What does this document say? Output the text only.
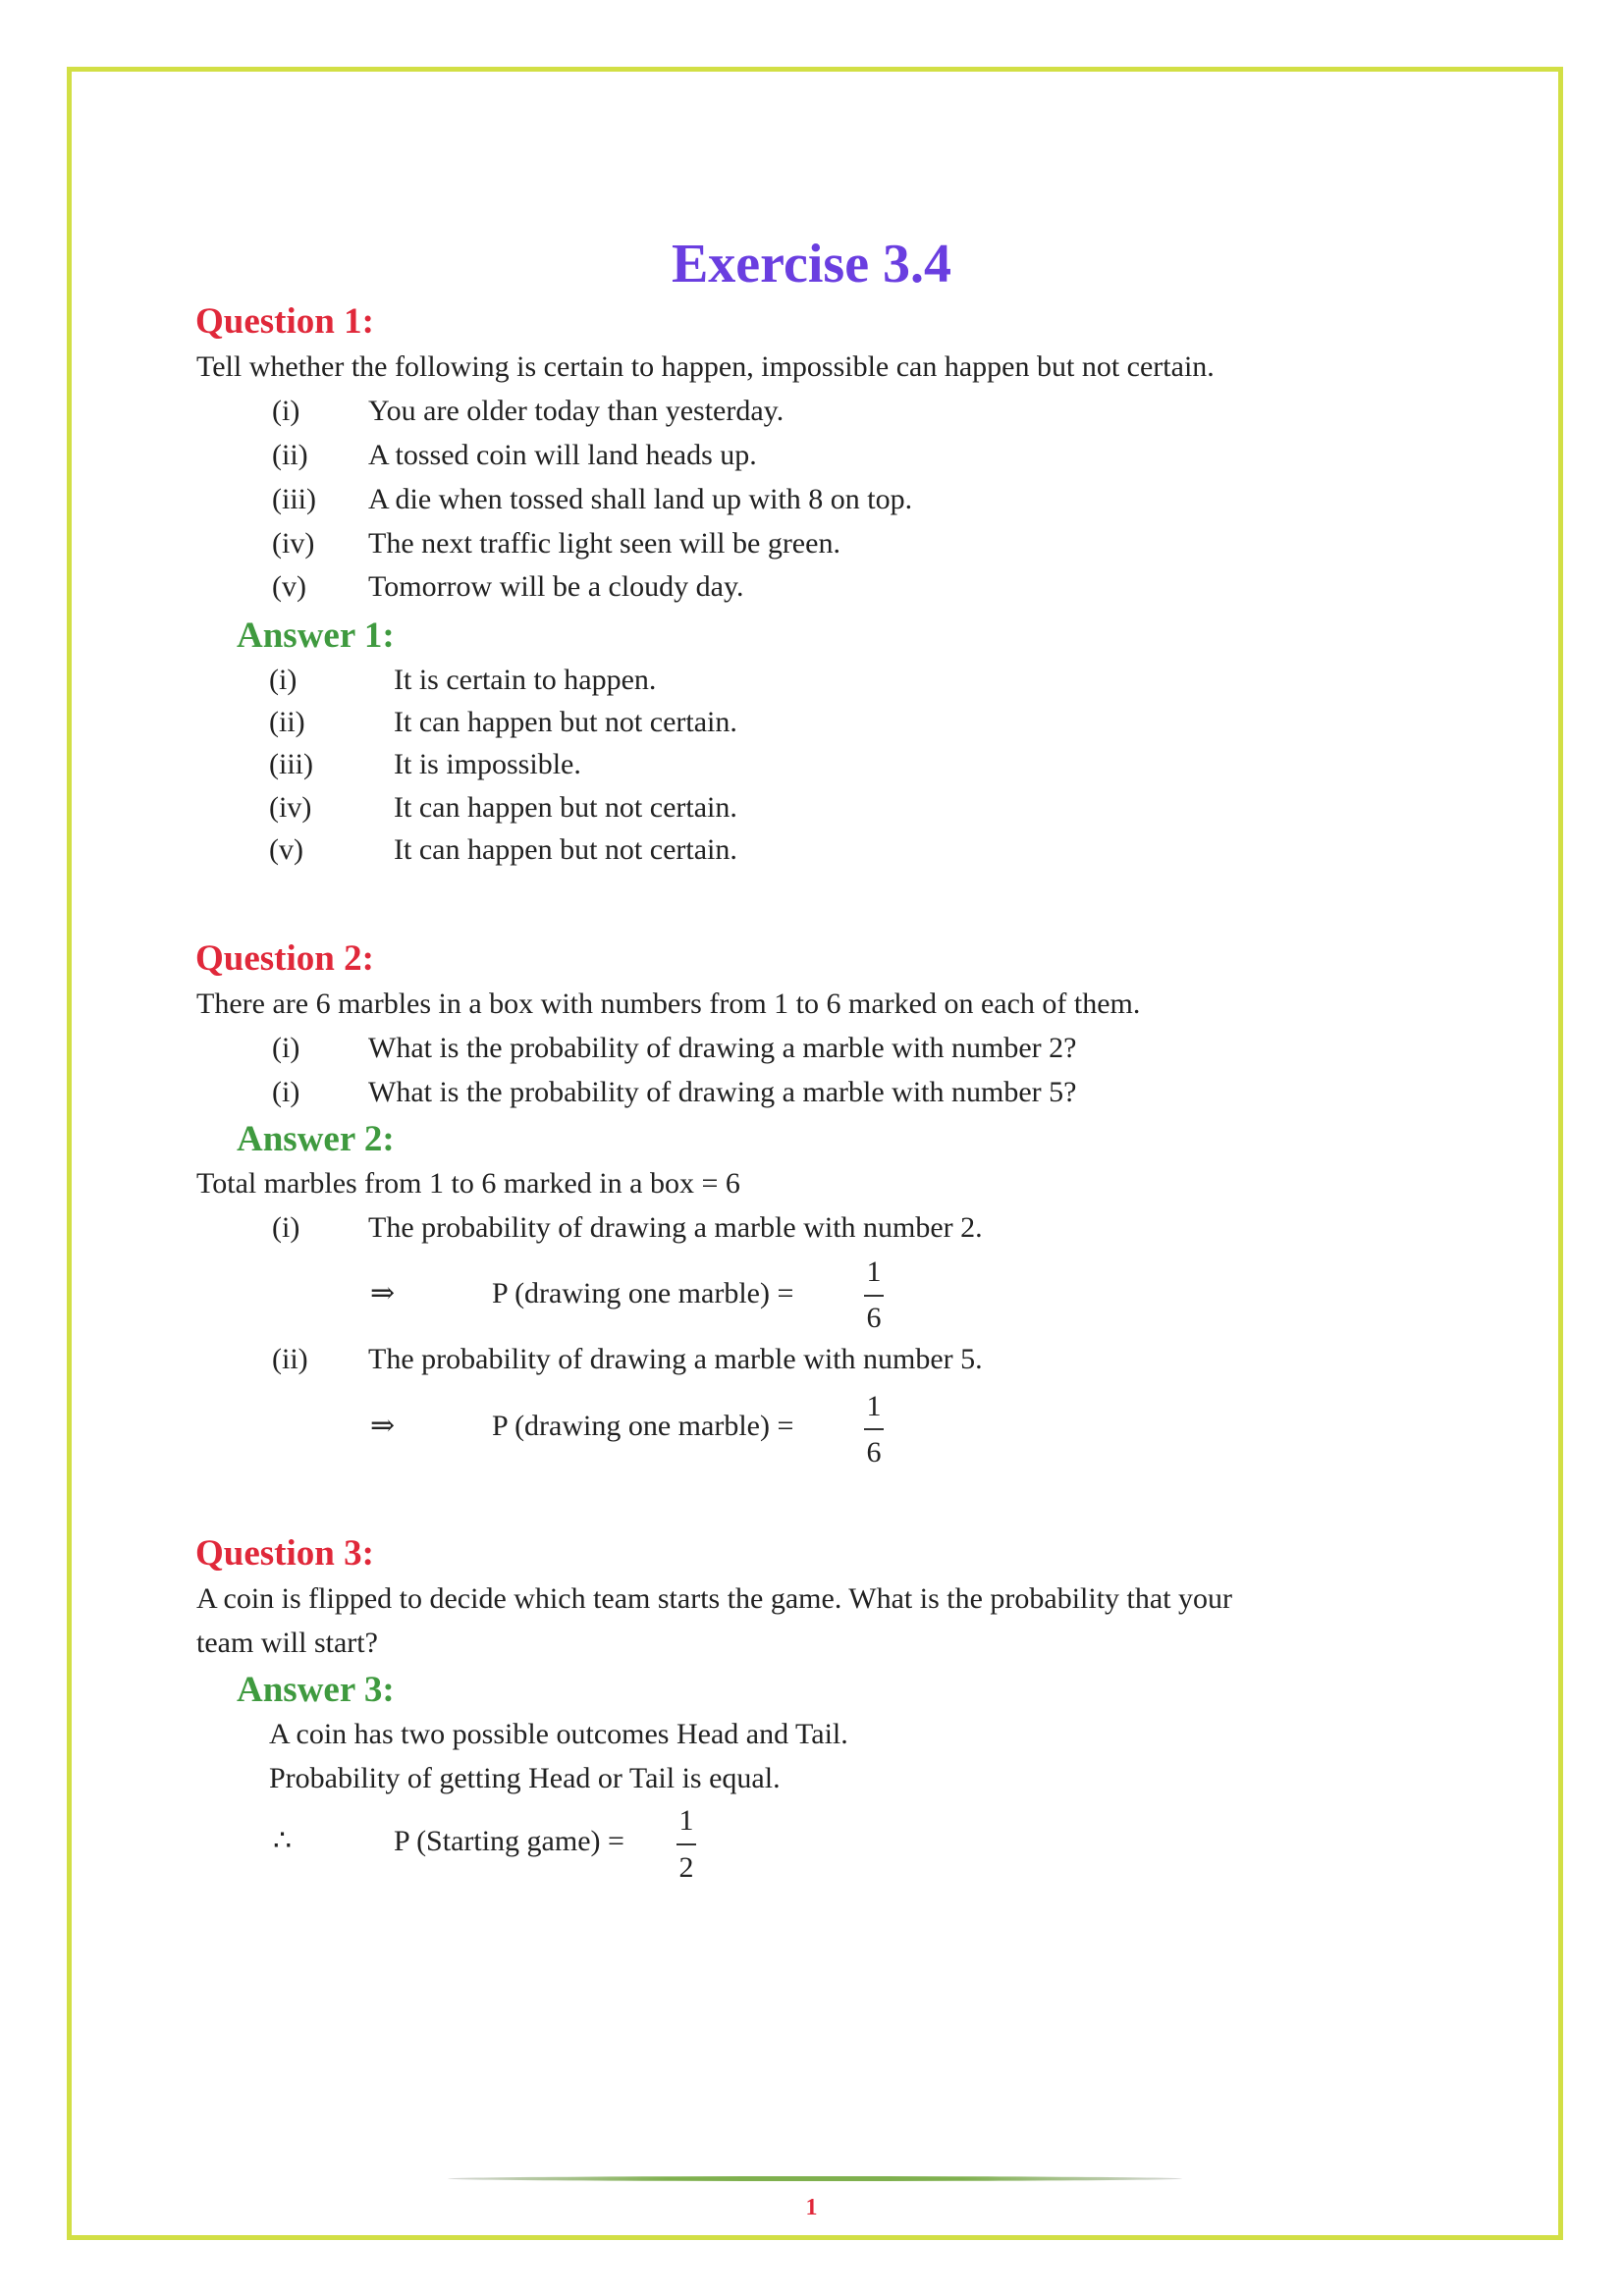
Exercise 3.4
Question 1:
Tell whether the following is certain to happen, impossible can happen but not certain.
(i) You are older today than yesterday.
(ii) A tossed coin will land heads up.
(iii) A die when tossed shall land up with 8 on top.
(iv) The next traffic light seen will be green.
(v) Tomorrow will be a cloudy day.
Answer 1:
(i)	It is certain to happen.
(ii)	It can happen but not certain.
(iii)	It is impossible.
(iv)	It can happen but not certain.
(v)	It can happen but not certain.
Question 2:
There are 6 marbles in a box with numbers from 1 to 6 marked on each of them.
(i) What is the probability of drawing a marble with number 2?
(i) What is the probability of drawing a marble with number 5?
Answer 2:
Total marbles from 1 to 6 marked in a box = 6
(i) The probability of drawing a marble with number 2.
⇒	P (drawing one marble) =
1
6
(ii) The probability of drawing a marble with number 5.
⇒	P (drawing one marble) =
1
6
Question 3:
A coin is flipped to decide which team starts the game. What is the probability that your
team will start?
Answer 3:
A coin has two possible outcomes Head and Tail.
Probability of getting Head or Tail is equal.
∴	P (Starting game) =
1
2
1
